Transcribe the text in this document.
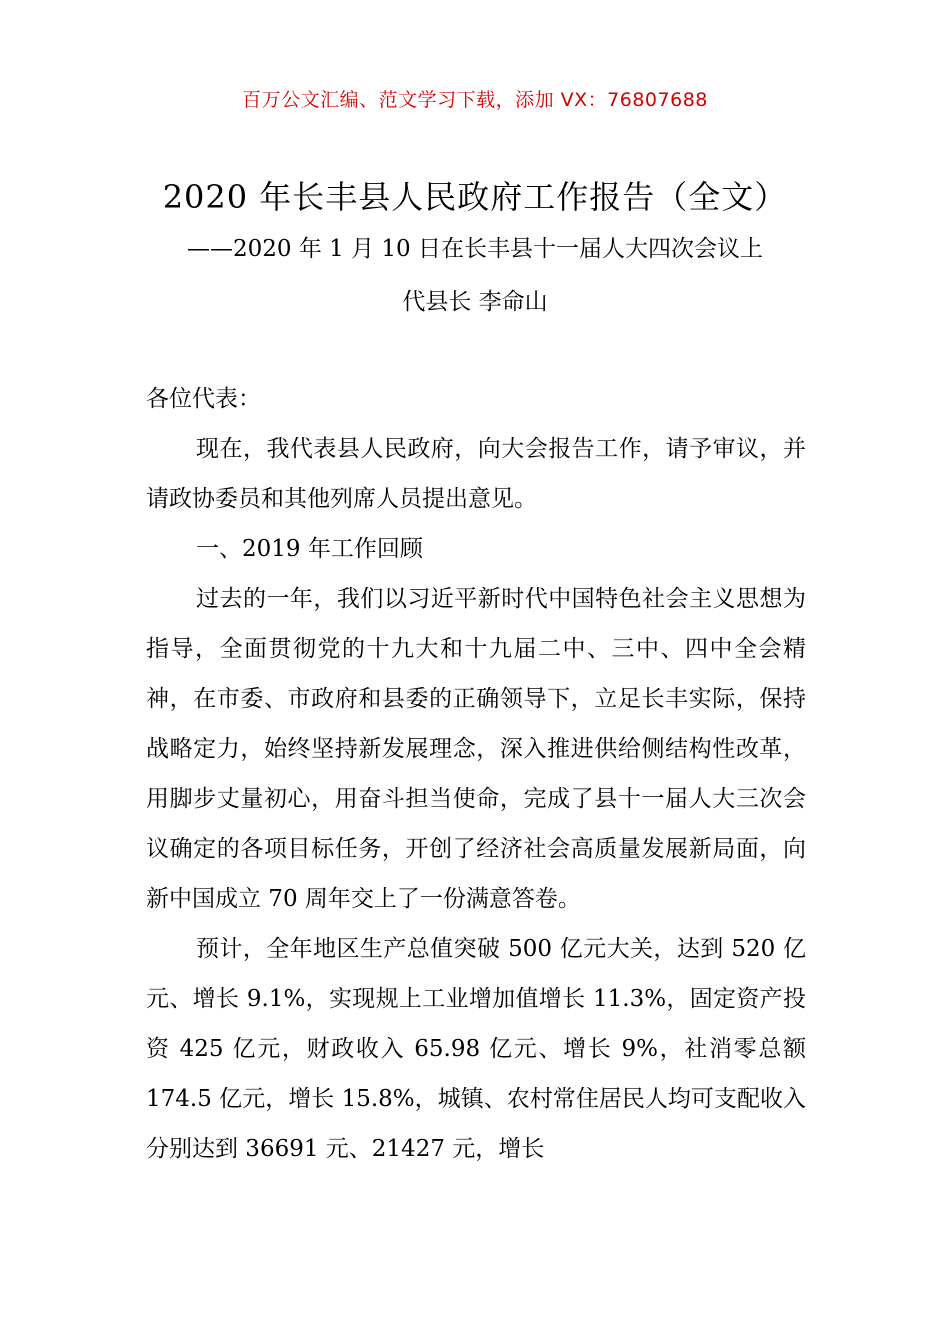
百万公文汇编、范文学习下载，添加 VX：76807688
2020 年长丰县人民政府工作报告（全文）
——2020 年 1 月 10 日在长丰县十一届人大四次会议上
代县长 李命山

各位代表：

现在，我代表县人民政府，向大会报告工作，请予审议，并请政协委员和其他列席人员提出意见。

一、2019 年工作回顾

过去的一年，我们以习近平新时代中国特色社会主义思想为指导，全面贯彻党的十九大和十九届二中、三中、四中全会精神，在市委、市政府和县委的正确领导下，立足长丰实际，保持战略定力，始终坚持新发展理念，深入推进供给侧结构性改革，用脚步丈量初心，用奋斗担当使命，完成了县十一届人大三次会议确定的各项目标任务，开创了经济社会高质量发展新局面，向新中国成立 70 周年交上了一份满意答卷。

预计，全年地区生产总值突破 500 亿元大关，达到 520 亿元、增长 9.1%，实现规上工业增加值增长 11.3%，固定资产投资 425 亿元，财政收入 65.98 亿元、增长 9%，社消零总额 174.5 亿元，增长 15.8%，城镇、农村常住居民人均可支配收入分别达到 36691 元、21427 元，增长
